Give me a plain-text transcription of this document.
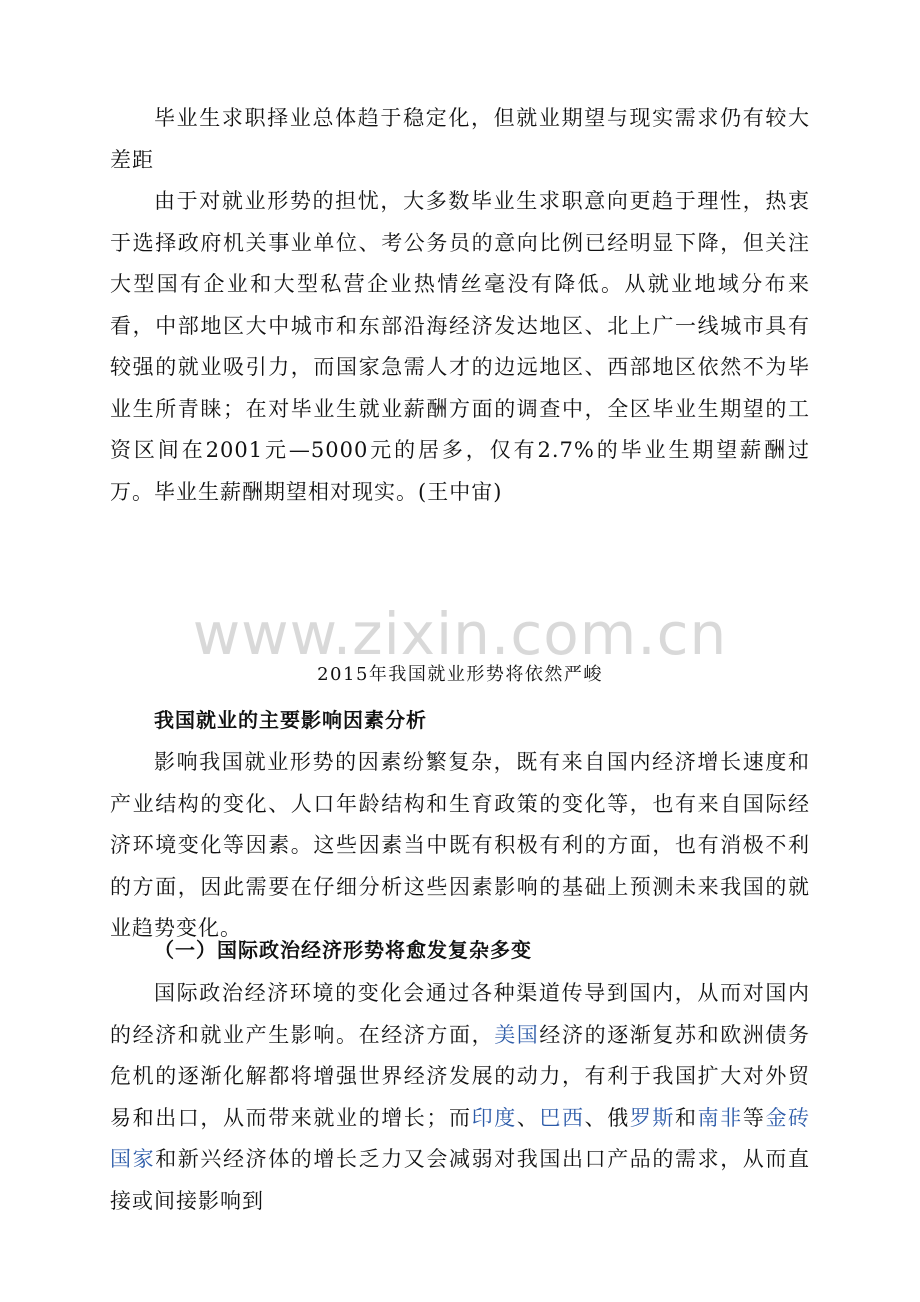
毕业生求职择业总体趋于稳定化，但就业期望与现实需求仍有较大差距

由于对就业形势的担忧，大多数毕业生求职意向更趋于理性，热衷于选择政府机关事业单位、考公务员的意向比例已经明显下降，但关注大型国有企业和大型私营企业热情丝毫没有降低。从就业地域分布来看，中部地区大中城市和东部沿海经济发达地区、北上广一线城市具有较强的就业吸引力，而国家急需人才的边远地区、西部地区依然不为毕业生所青睐；在对毕业生就业薪酬方面的调查中，全区毕业生期望的工资区间在2001元—5000元的居多，仅有2.7%的毕业生期望薪酬过万。毕业生薪酬期望相对现实。(王中宙)

www.zixin.com.cn

2015年我国就业形势将依然严峻

我国就业的主要影响因素分析

影响我国就业形势的因素纷繁复杂，既有来自国内经济增长速度和产业结构的变化、人口年龄结构和生育政策的变化等，也有来自国际经济环境变化等因素。这些因素当中既有积极有利的方面，也有消极不利的方面，因此需要在仔细分析这些因素影响的基础上预测未来我国的就业趋势变化。

（一）国际政治经济形势将愈发复杂多变

国际政治经济环境的变化会通过各种渠道传导到国内，从而对国内的经济和就业产生影响。在经济方面，美国经济的逐渐复苏和欧洲债务危机的逐渐化解都将增强世界经济发展的动力，有利于我国扩大对外贸易和出口，从而带来就业的增长；而印度、巴西、俄罗斯和南非等金砖国家和新兴经济体的增长乏力又会减弱对我国出口产品的需求，从而直接或间接影响到
